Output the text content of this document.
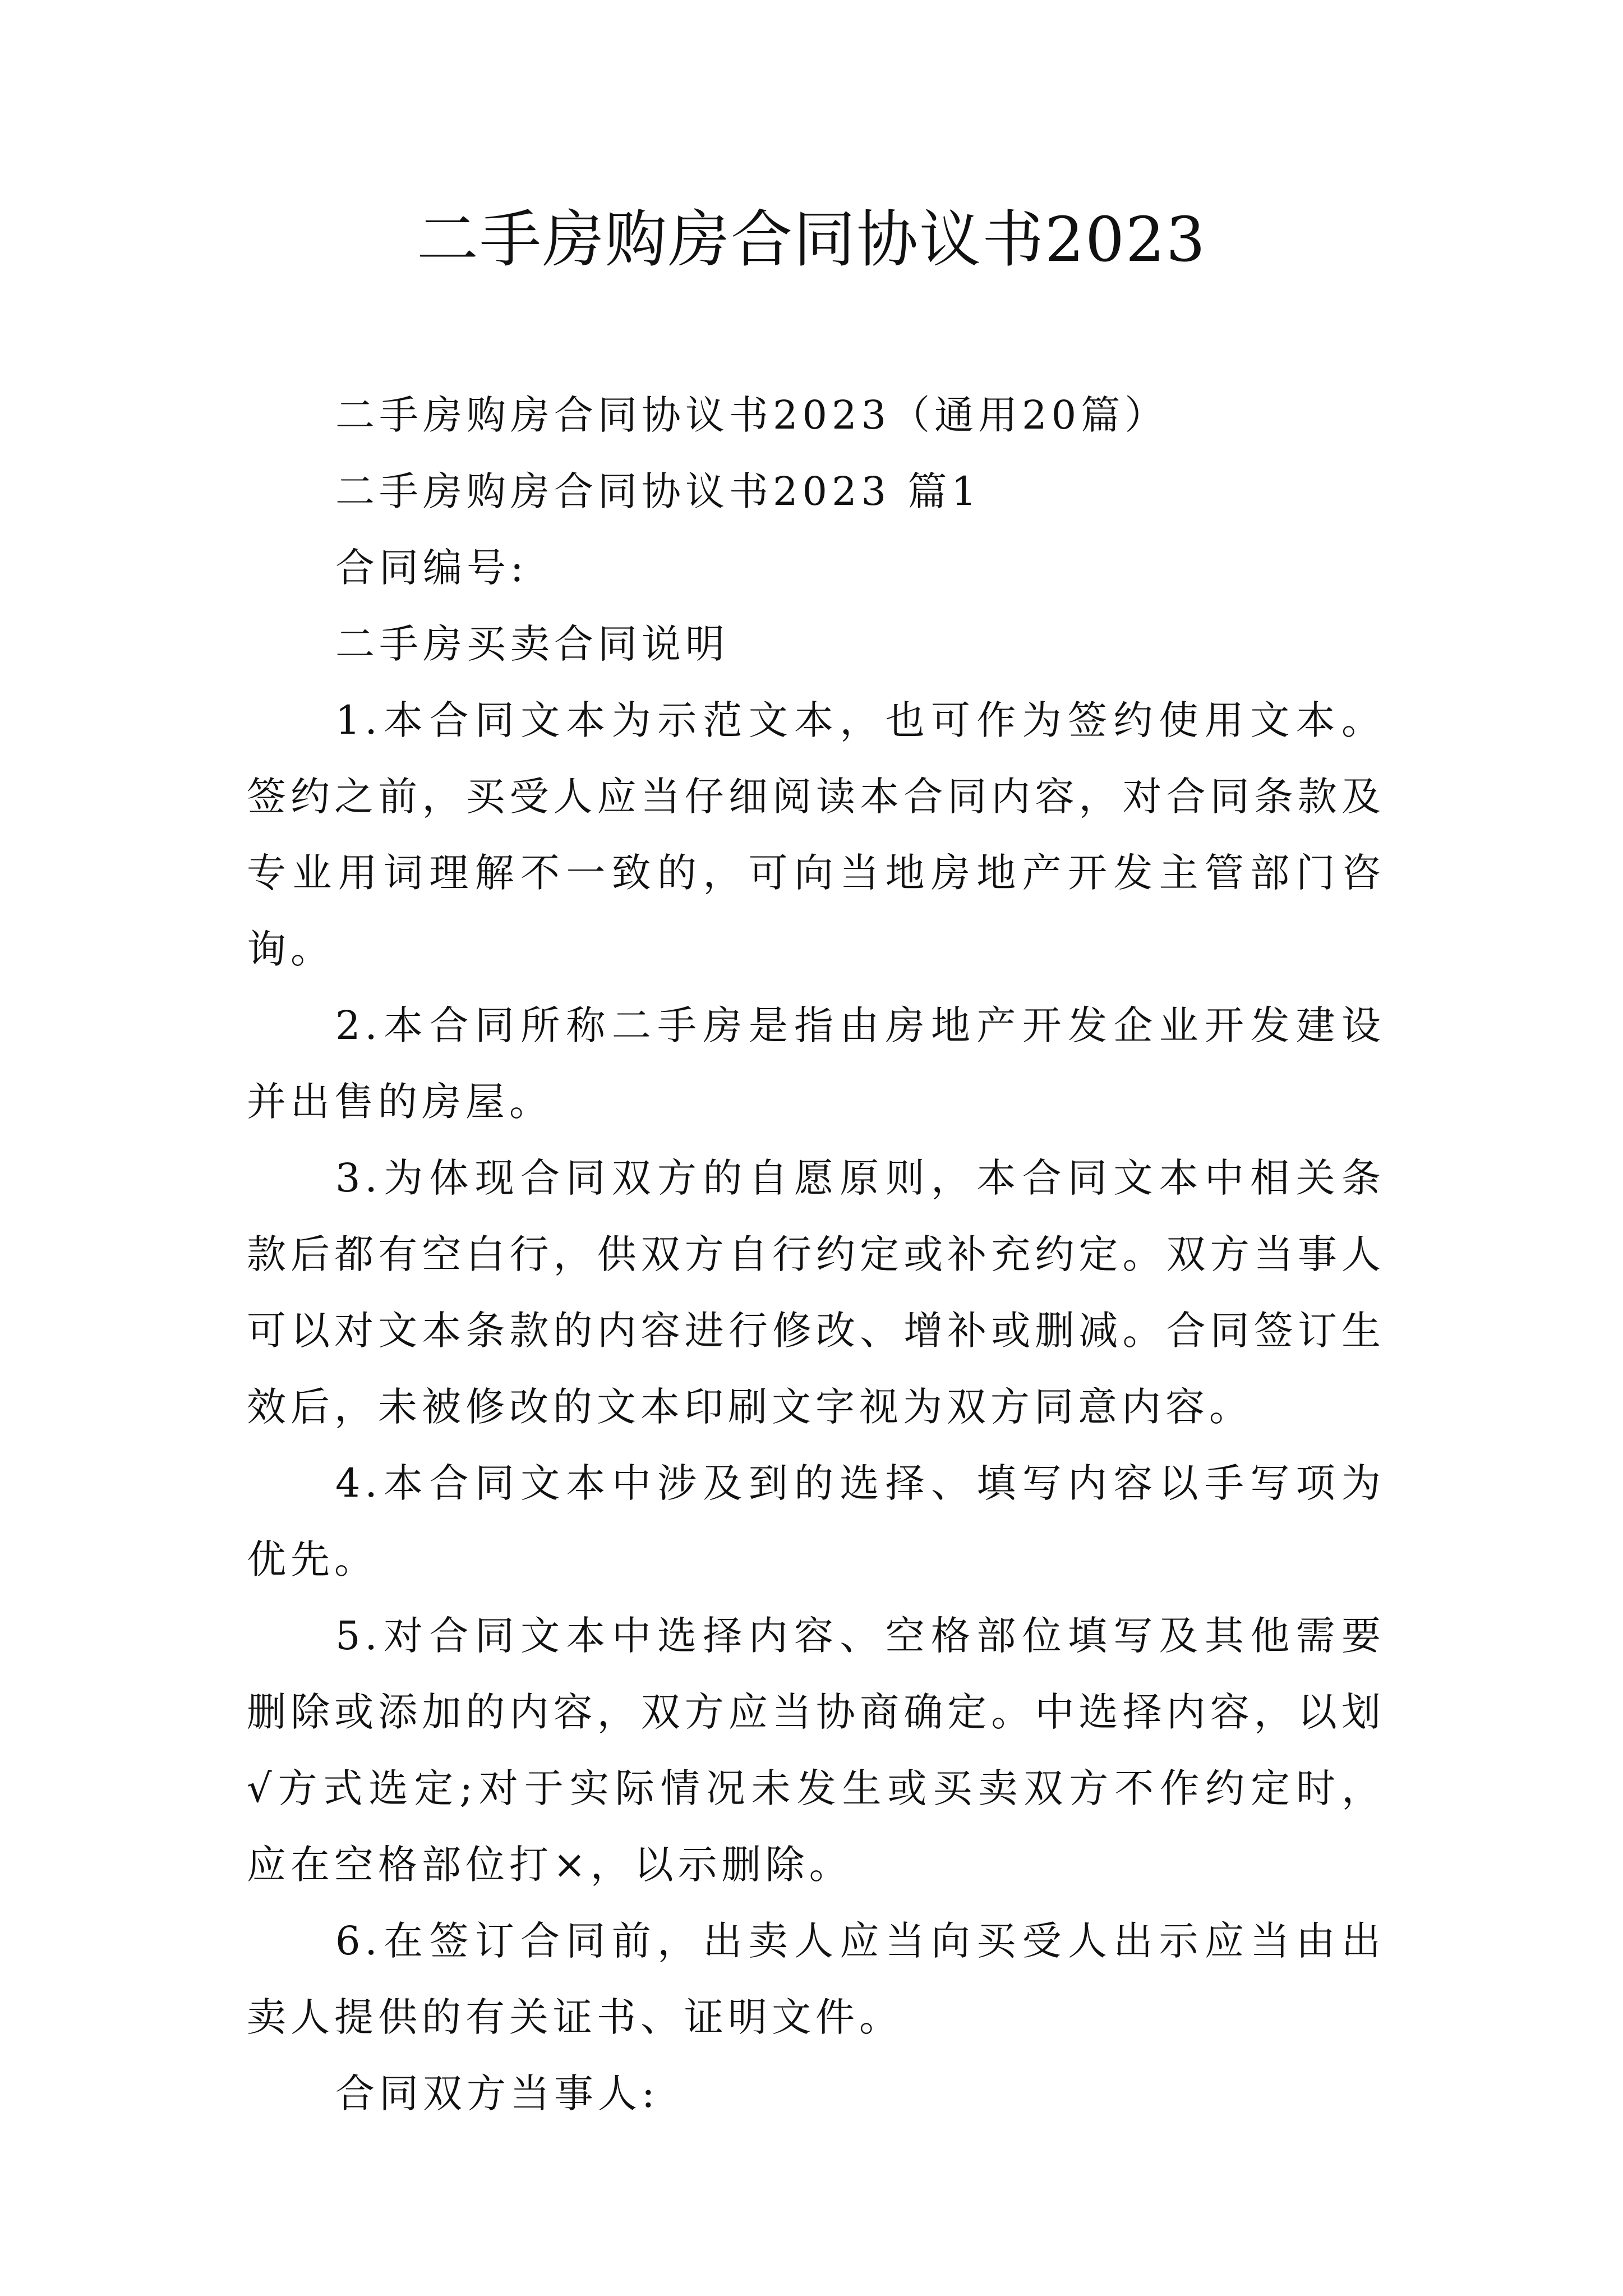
二手房购房合同协议书2023

二手房购房合同协议书2023（通用20篇）

二手房购房合同协议书2023 篇1

合同编号:

二手房买卖合同说明

1.本合同文本为示范文本，也可作为签约使用文本。签约之前，买受人应当仔细阅读本合同内容，对合同条款及专业用词理解不一致的，可向当地房地产开发主管部门咨询。

2.本合同所称二手房是指由房地产开发企业开发建设并出售的房屋。

3.为体现合同双方的自愿原则，本合同文本中相关条款后都有空白行，供双方自行约定或补充约定。双方当事人可以对文本条款的内容进行修改、增补或删减。合同签订生效后，未被修改的文本印刷文字视为双方同意内容。

4.本合同文本中涉及到的选择、填写内容以手写项为优先。

5.对合同文本中选择内容、空格部位填写及其他需要删除或添加的内容，双方应当协商确定。中选择内容，以划√方式选定;对于实际情况未发生或买卖双方不作约定时，应在空格部位打×，以示删除。

6.在签订合同前，出卖人应当向买受人出示应当由出卖人提供的有关证书、证明文件。

合同双方当事人:
